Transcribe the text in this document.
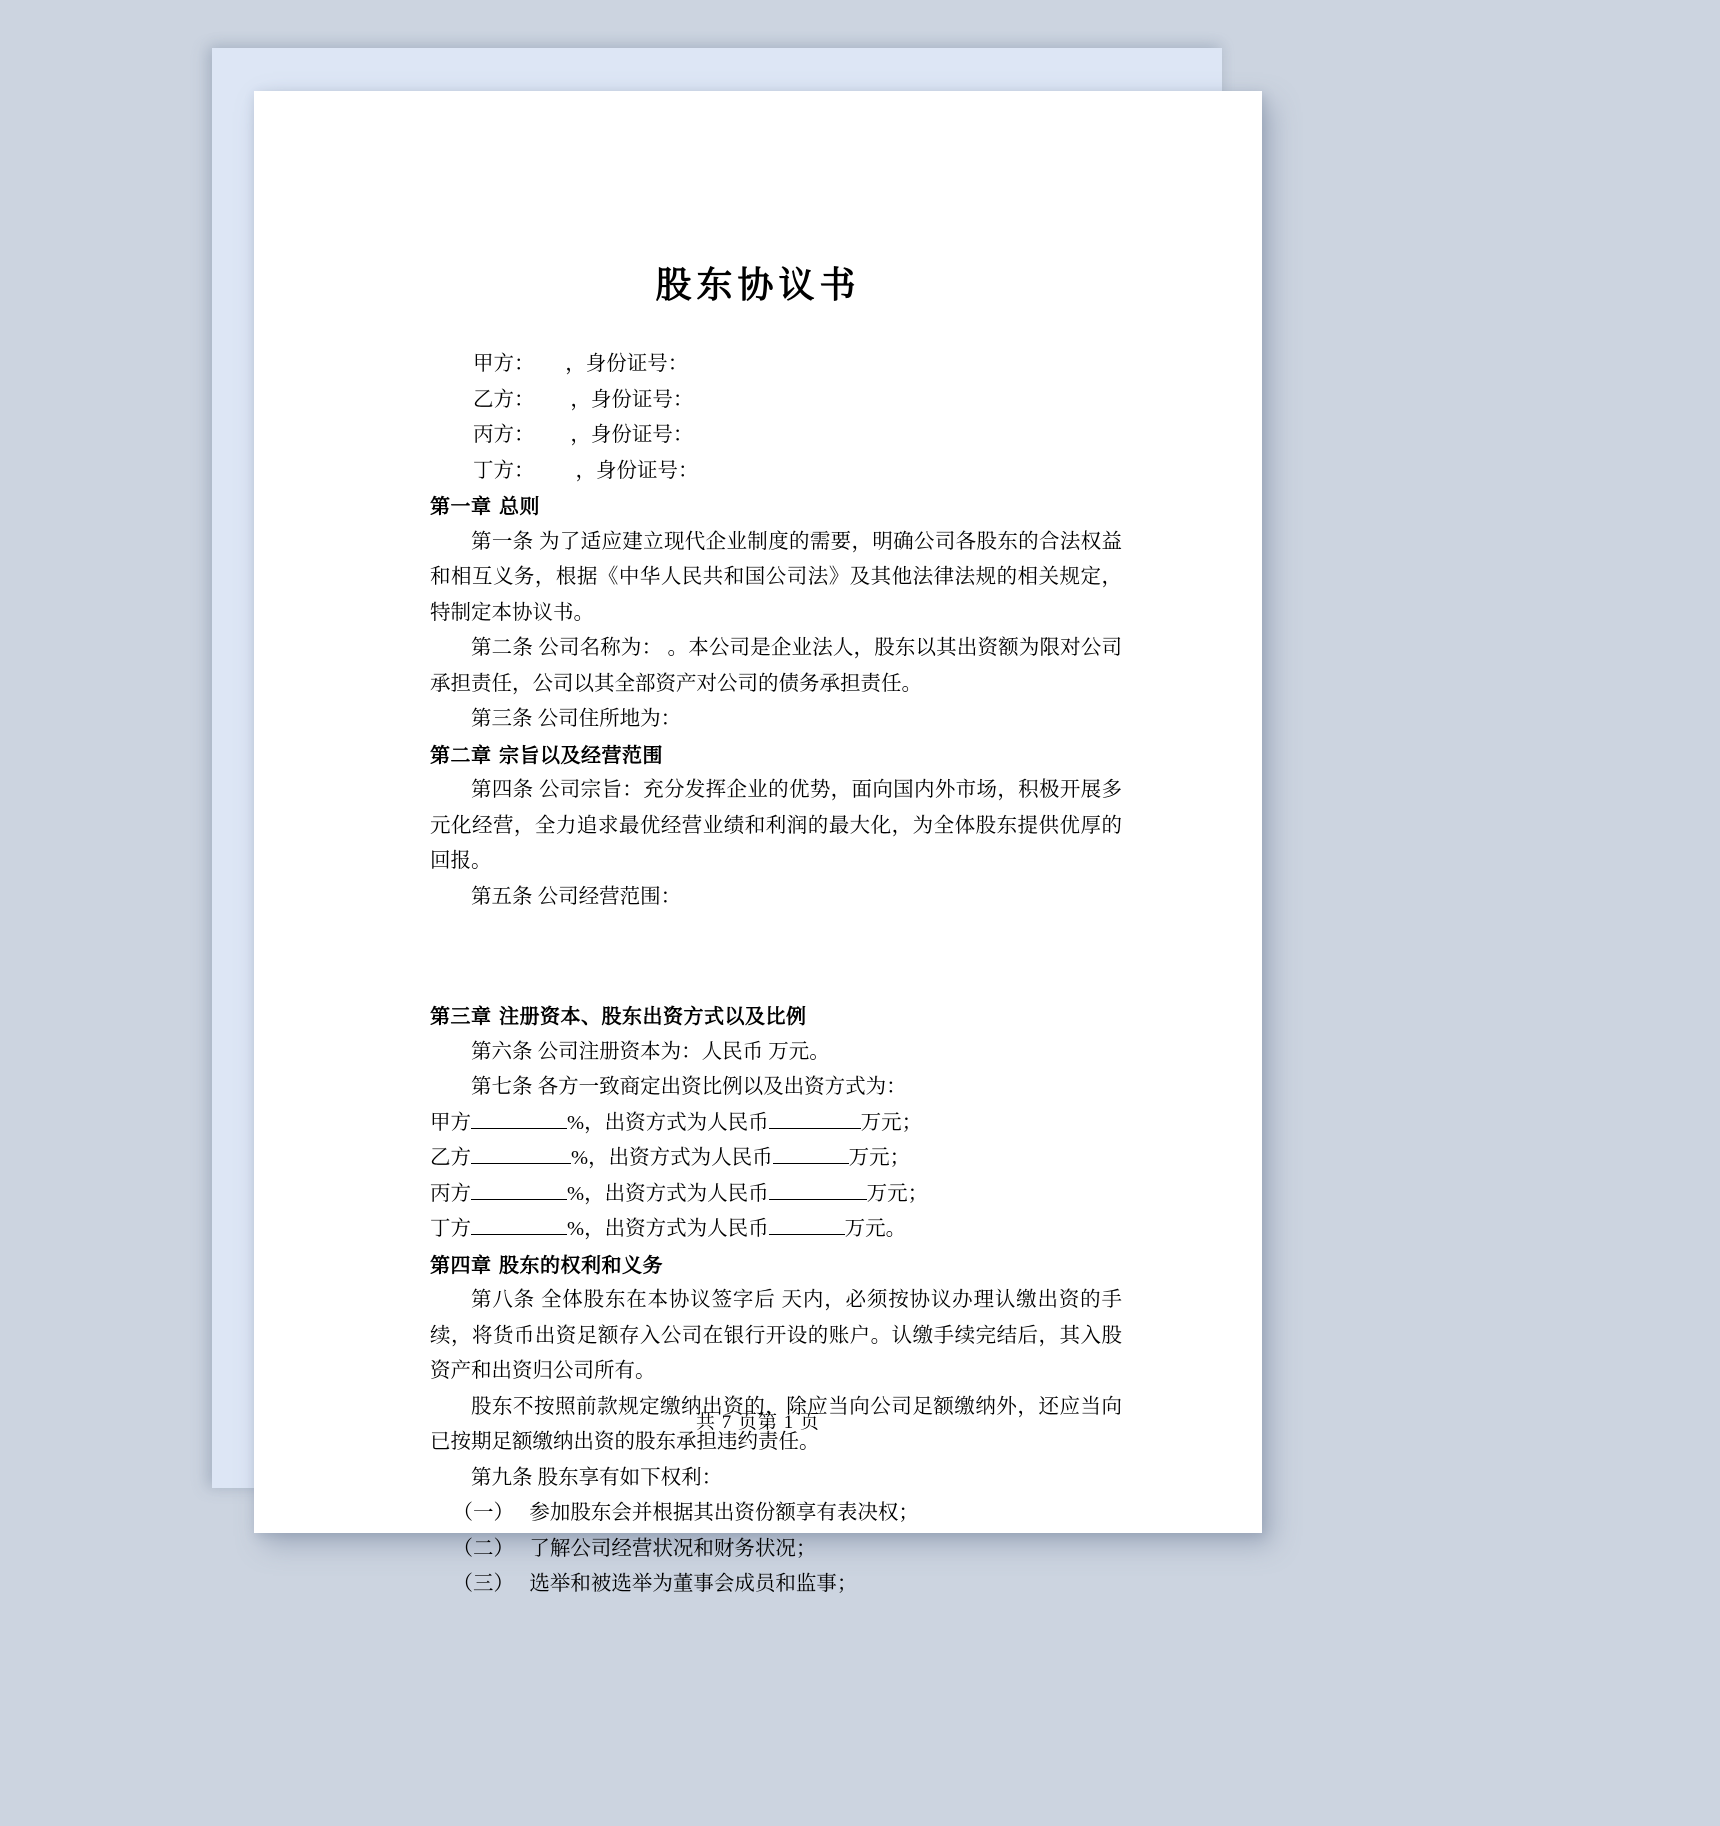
股东协议书
甲方：      ，身份证号：
乙方：       ，身份证号：
丙方：       ，身份证号：
丁方：        ，身份证号：
第一章 总则

第一条 为了适应建立现代企业制度的需要，明确公司各股东的合法权益和相互义务，根据《中华人民共和国公司法》及其他法律法规的相关规定，特制定本协议书。

第二条 公司名称为： 。本公司是企业法人，股东以其出资额为限对公司承担责任，公司以其全部资产对公司的债务承担责任。

第三条 公司住所地为：

第二章 宗旨以及经营范围

第四条 公司宗旨：充分发挥企业的优势，面向国内外市场，积极开展多元化经营，全力追求最优经营业绩和利润的最大化，为全体股东提供优厚的回报。

第五条 公司经营范围：

第三章 注册资本、股东出资方式以及比例

第六条 公司注册资本为：人民币 万元。

第七条 各方一致商定出资比例以及出资方式为：

甲方	%，出资方式为人民币	万元；
乙方	%，出资方式为人民币	万元；
丙方	%，出资方式为人民币	万元；
丁方	%，出资方式为人民币	万元。
第四章 股东的权利和义务

第八条 全体股东在本协议签字后 天内，必须按协议办理认缴出资的手续，将货币出资足额存入公司在银行开设的账户。认缴手续完结后，其入股资产和出资归公司所有。

股东不按照前款规定缴纳出资的，除应当向公司足额缴纳外，还应当向已按期足额缴纳出资的股东承担违约责任。

第九条 股东享有如下权利：

（一）   参加股东会并根据其出资份额享有表决权；
（二）   了解公司经营状况和财务状况；
（三）   选举和被选举为董事会成员和监事；
共 7 页第 1 页
